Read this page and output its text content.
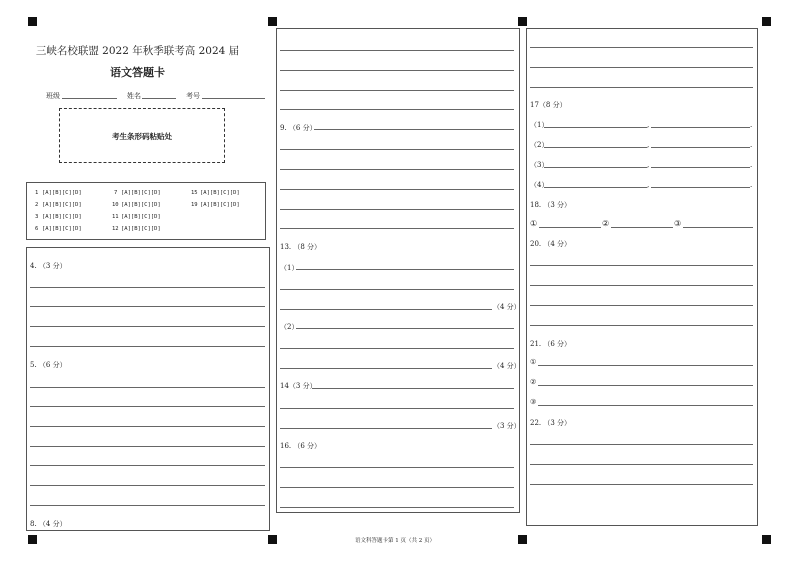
三峡名校联盟 2022 年秋季联考高 2024 届
语文答题卡
班级	姓名	考号
考生条形码粘贴处
1 [A][B][C][D]
2 [A][B][C][D]
3 [A][B][C][D]
6 [A][B][C][D]
7 [A][B][C][D]
10 [A][B][C][D]
11 [A][B][C][D]
12 [A][B][C][D]
15 [A][B][C][D]
19 [A][B][C][D]
4. （3 分）
5. （6 分）
8. （4 分）
9. （6 分）
13. （8 分）
（1）
（4 分）
（2）
（4 分）
14（3 分）
（3 分）
16. （6 分）
17（8 分）
（1）	,	.
（2）	,	.
（3）	,	.
（4）	,	.
18. （3 分）
①	②	③
20. （4 分）
21. （6 分）
①
②
③
22. （3 分）
语文科答题卡第 1 页（共 2 页）
